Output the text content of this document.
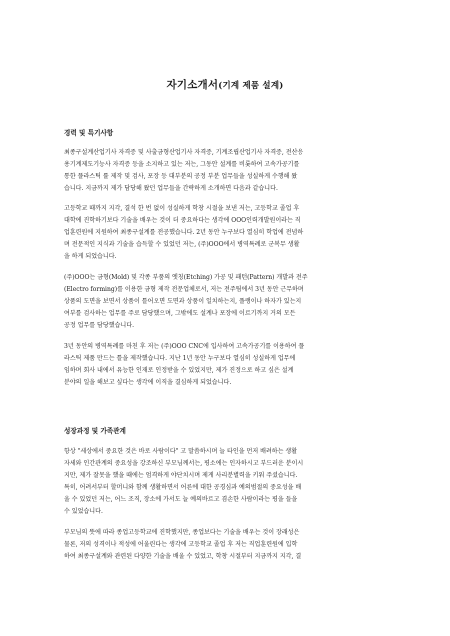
자기소개서(기계 제품 설계)
경력 및 특기사항
최종구설계산업기사 자격증 및 사출금형산업기사 자격증, 기계조립산업기사 자격증, 전산응
용기계제도기능사 자격증 등을 소지하고 있는 저는, 그동안 설계를 비롯하여 고속가공기를
통한 플라스틱 률 제작 및 검사, 포장 등 대부분의 공정 부분 업무들을 성실하게 수행해 왔
습니다. 지금까지 제가 담당해 왔던 업무들을 간략하게 소개하면 다음과 같습니다.
고등학교 때까지 지각, 결석 한 번 없이 성실하게 학창 시절을 보낸 저는, 고등학교 졸업 후
대학에 진학하기보다 기술을 배우는 것이 더 중요하다는 생각에 OOO인력개발원이라는 직
업훈련원에 지원하여 최종구설계를 전공했습니다. 2년 동안 누구보다 열심히 학업에 전념하
며 전문적인 지식과 기술을 습득할 수 있었던 저는, (주)OOO에서 병역특례로 군복무 생활
을 하게 되었습니다.
(주)OOO는 금형(Mold) 및 각종 부품의 엣칭(Etching) 가공 및 패턴(Pattern) 개발과 전주
(Electro forming)를 이용한 금형 제작 전문업체로서, 저는 전주팀에서 3년 동안 근무하며
상품의 도면을 보면서 상품이 틀어오면 도면과 상품이 일치하는지, 플랭이나 하자가 있는지
여부를 검사하는 업무를 주로 담당했으며, 그밖에도 설계나 포장에 이르기까지 거의 모든
공정 업무를 담당했습니다.
3년 동안의 병역특례를 마친 후 저는 (주)OOO CNC에 입사하여 고속가공기를 이용하여 플
라스틱 제품 만드는 틀을 제작했습니다. 지난 1년 동안 누구보다 열심히 성실하게 업무에
임하며 회사 내에서 유능한 인재로 인정받을 수 있었지만, 제가 진정으로 하고 싶은 설계
분야의 일을 해보고 싶다는 생각에 이직을 결심하게 되었습니다.
성장과정 및 가족관계
항상 "세상에서 중요한 것은 바로 사람이다" 고 말씀하시며 늘 타인을 먼저 배려하는 생활
자세와 인간관계의 중요성을 강조하신 부모님께서는, 평소에는 인자하시고 부드러운 분이시
지만, 제가 잘못을 했을 때에는 엄격하게 야단치시며 제게 사리분별력을 키워 주셨습니다.
특히, 어려서부터 할머니와 함께 생활하면서 어른에 대한 공경심과 예의범절의 중요성을 배
울 수 있었던 저는, 어느 조직, 장소에 가서도 늘 예의바르고 겸손한 사람이라는 평을 들을
수 있었습니다.
부모님의 뜻에 따라 종업고등학교에 진학했지만, 종업보다는 기술을 배우는 것이 장래성은
물론, 저의 성격이나 적성에 어울린다는 생각에 고등학교 졸업 후 저는 직업훈련원에 입학
하여 최종구설계와 관련된 다양한 기술을 배울 수 있었고, 학창 시절부터 지금까지 지각, 결
